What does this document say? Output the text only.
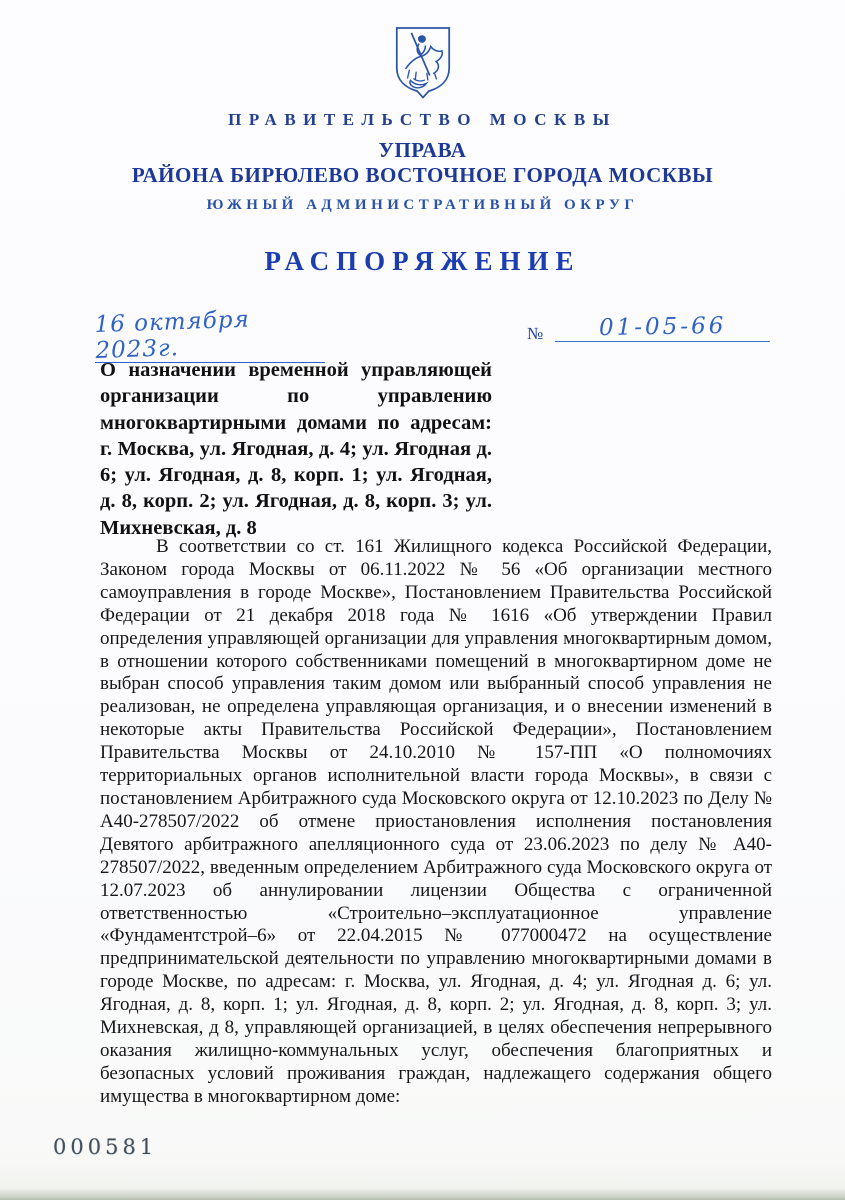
ПРАВИТЕЛЬСТВО МОСКВЫ
УПРАВА
РАЙОНА БИРЮЛЕВО ВОСТОЧНОЕ ГОРОДА МОСКВЫ
ЮЖНЫЙ АДМИНИСТРАТИВНЫЙ ОКРУГ
РАСПОРЯЖЕНИЕ
16 октября 2023г.
№	01-05-66
О назначении временной управляющей организации по управлению многоквартирными домами по адресам: г. Москва, ул. Ягодная, д. 4; ул. Ягодная д. 6; ул. Ягодная, д. 8, корп. 1; ул. Ягодная, д. 8, корп. 2; ул. Ягодная, д. 8, корп. 3; ул. Михневская, д. 8
В соответствии со ст. 161 Жилищного кодекса Российской Федерации, Законом города Москвы от 06.11.2022 № 56 «Об организации местного самоуправления в городе Москве», Постановлением Правительства Российской Федерации от 21 декабря 2018 года № 1616 «Об утверждении Правил определения управляющей организации для управления многоквартирным домом, в отношении которого собственниками помещений в многоквартирном доме не выбран способ управления таким домом или выбранный способ управления не реализован, не определена управляющая организация, и о внесении изменений в некоторые акты Правительства Российской Федерации», Постановлением Правительства Москвы от 24.10.2010 № 157-ПП «О полномочиях территориальных органов исполнительной власти города Москвы», в связи с постановлением Арбитражного суда Московского округа от 12.10.2023 по Делу № А40-278507/2022 об отмене приостановления исполнения постановления Девятого арбитражного апелляционного суда от 23.06.2023 по делу № А40-278507/2022, введенным определением Арбитражного суда Московского округа от 12.07.2023 об аннулировании лицензии Общества с ограниченной ответственностью «Строительно–эксплуатационное управление «Фундаментстрой–6» от 22.04.2015 № 077000472 на осуществление предпринимательской деятельности по управлению многоквартирными домами в городе Москве, по адресам: г. Москва, ул. Ягодная, д. 4; ул. Ягодная д. 6; ул. Ягодная, д. 8, корп. 1; ул. Ягодная, д. 8, корп. 2; ул. Ягодная, д. 8, корп. 3; ул. Михневская, д 8, управляющей организацией, в целях обеспечения непрерывного оказания жилищно-коммунальных услуг, обеспечения благоприятных и безопасных условий проживания граждан, надлежащего содержания общего имущества в многоквартирном доме:
000581
